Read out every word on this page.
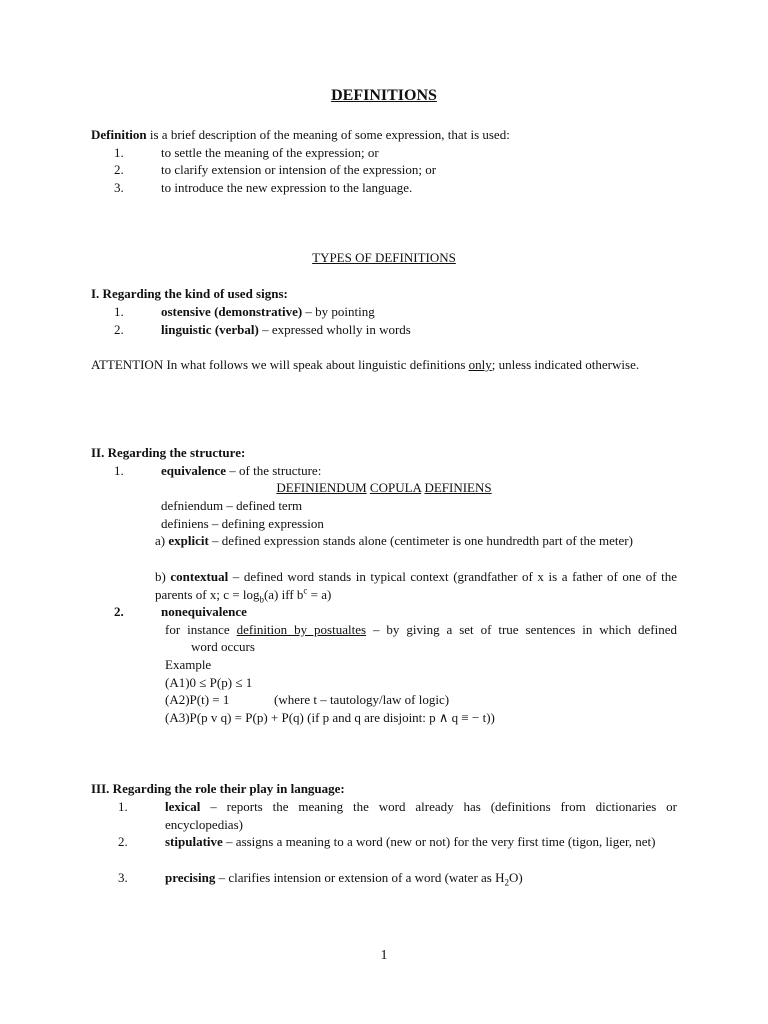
DEFINITIONS
Definition is a brief description of the meaning of some expression, that is used:
1.	to settle the meaning of the expression; or
2.	to clarify extension or intension of the expression; or
3.	to introduce the new expression to the language.
TYPES OF DEFINITIONS
I. Regarding the kind of used signs:
1.	ostensive (demonstrative) – by pointing
2.	linguistic (verbal) – expressed wholly in words
ATTENTION In what follows we will speak about linguistic definitions only; unless indicated otherwise.
II. Regarding the structure:
1.	equivalence – of the structure:
DEFINIENDUM COPULA DEFINIENS
defniendum – defined term
definiens – defining expression
a) explicit – defined expression stands alone (centimeter is one hundredth part of the meter)
b) contextual – defined word stands in typical context (grandfather of x is a father of one of the parents of x; $c = \log_b(a)$ iff $b^c = a$)
2.	nonequivalence
for instance definition by postualtes – by giving a set of true sentences in which defined
word occurs
Example
(A1)0 ≤ P(p) ≤ 1
(A2)P(t) = 1	(where t – tautology/law of logic)
(A3)P(p v q) = P(p) + P(q) (if p and q are disjoint: p ∧ q ≡ − t))
III. Regarding the role their play in language:
1.	lexical – reports the meaning the word already has (definitions from dictionaries or encyclopedias)
2.	stipulative – assigns a meaning to a word (new or not) for the very first time (tigon, liger, net)
3.	precising – clarifies intension or extension of a word (water as $H_2O$)
1
